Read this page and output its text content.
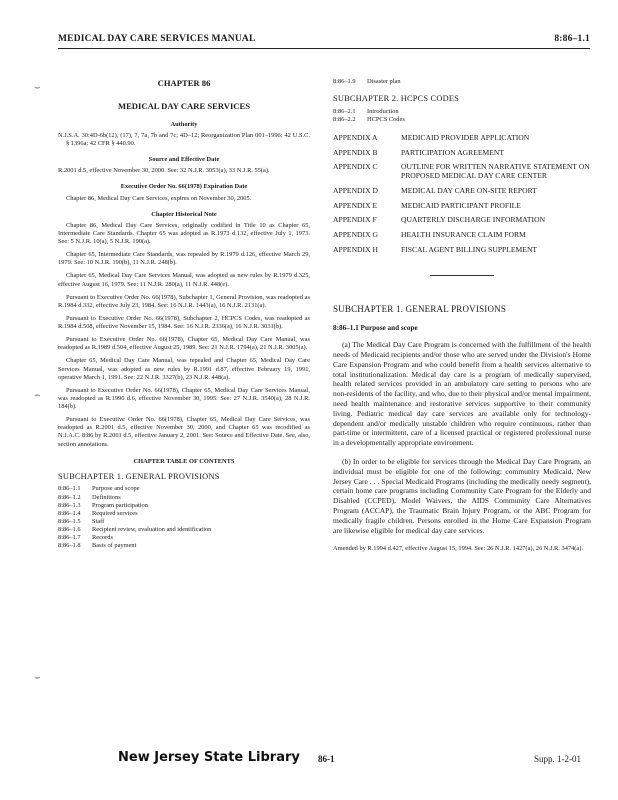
MEDICAL DAY CARE SERVICES MANUAL	8:86–1.1
⌣
⌢
⌣
CHAPTER 86
MEDICAL DAY CARE SERVICES
Authority

N.J.S.A. 30:4D-6b(12), (17), 7, 7a, 7b and 7c; 4D–12; Reorganization Plan 001–1996; 42 U.S.C. § 1396a; 42 CFR § 440.90.

Source and Effective Date

R.2001 d.5, effective November 30, 2000. See: 32 N.J.R. 3053(a), 33 N.J.R. 55(a).

Executive Order No. 66(1978) Expiration Date

Chapter 86, Medical Day Care Services, expires on November 30, 2005.

Chapter Historical Note

Chapter 86, Medical Day Care Services, originally codified in Title 10 as Chapter 65, Intermediate Care Standards. Chapter 65 was adopted as R.1973 d.132, effective July 1, 1973. See: 5 N.J.R. 10(a), 5 N.J.R. 190(a).

Chapter 65, Intermediate Care Standards, was repealed by R.1979 d.126, effective March 29, 1979. See: 10 N.J.R. 190(b), 11 N.J.R. 248(b).

Chapter 65, Medical Day Care Services Manual, was adopted as new rules by R.1979 d.325, effective August 16, 1979. See: 11 N.J.R. 280(a), 11 N.J.R. 448(e).

Pursuant to Executive Order No. 66(1978), Subchapter 1, General Provision, was readopted as R.1984 d.332, effective July 23, 1984. See: 16 N.J.R. 1443(a), 16 N.J.R. 2131(a).

Pursuant to Executive Order No. 66(1978), Subchapter 2, HCPCS Codes, was readopted as R.1984 d.508, effective November 15, 1984. See: 16 N.J.R. 2336(a), 16 N.J.R. 3031(b).

Pursuant to Executive Order No. 66(1978), Chapter 65, Medical Day Care Manual, was readopted as R.1989 d.504, effective August 25, 1989. See: 21 N.J.R. 1794(a), 21 N.J.R. 3005(a).

Chapter 65, Medical Day Care Manual, was repealed and Chapter 65, Medical Day Care Services Manual, was adopted as new rules by R.1991 d.87, effective February 19, 1991, operative March 1, 1991. See: 22 N.J.R. 3327(b), 23 N.J.R. 448(a).

Pursuant to Executive Order No. 66(1978), Chapter 65, Medical Day Care Services Manual, was readopted as R.1996 d.6, effective November 30, 1995. See: 27 N.J.R. 3540(a), 28 N.J.R. 184(b).

Pursuant to Executive Order No. 66(1978), Chapter 65, Medical Day Care Services, was readopted as R.2001 d.5, effective November 30, 2000, and Chapter 65 was recodified as N.J.A.C. 8:86 by R.2001 d.5, effective January 2, 2001. See: Source and Effective Date. See, also, section annotations.

CHAPTER TABLE OF CONTENTS
SUBCHAPTER 1. GENERAL PROVISIONS
8:86–1.1	Purpose and scope
8:86–1.2	Definitions
8:86–1.3	Program participation
8:86–1.4	Required services
8:86–1.5	Staff
8:86–1.6	Recipient review, evaluation and identification
8:86–1.7	Records
8:86–1.8	Basis of payment
8:86–1.9	Disaster plan
SUBCHAPTER 2. HCPCS CODES
8:86–2.1	Introduction
8:86–2.2	HCPCS Codes
APPENDIX A	MEDICAID PROVIDER APPLICATION
APPENDIX B	PARTICIPATION AGREEMENT
APPENDIX C	OUTLINE FOR WRITTEN NARRATIVE STATEMENT ON PROPOSED MEDICAL DAY CARE CENTER
APPENDIX D	MEDICAL DAY CARE ON-SITE REPORT
APPENDIX E	MEDICAID PARTICIPANT PROFILE
APPENDIX F	QUARTERLY DISCHARGE INFORMATION
APPENDIX G	HEALTH INSURANCE CLAIM FORM
APPENDIX H	FISCAL AGENT BILLING SUPPLEMENT
SUBCHAPTER 1. GENERAL PROVISIONS
8:86–1.1 Purpose and scope
(a) The Medical Day Care Program is concerned with the fulfillment of the health needs of Medicaid recipients and/or those who are served under the Division's Home Care Expansion Program and who could benefit from a health services alternative to total institutionalization. Medical day care is a program of medically supervised, health related services provided in an ambulatory care setting to persons who are non-residents of the facility, and who, due to their physical and/or mental impairment, need health maintenance and restorative services supportive to their community living. Pediatric medical day care services are available only for technology-dependent and/or medically unstable children who require continuous, rather than part-time or intermittent, care of a licensed practical or registered professional nurse in a developmentally appropriate environment.
(b) In order to be eligible for services through the Medical Day Care Program, an individual must be eligible for one of the following: community Medicaid, New Jersey Care . . . Special Medicaid Programs (including the medically needy segment), certain home care programs including Community Care Program for the Elderly and Disabled (CCPED), Model Waivers, the AIDS Community Care Alternatives Program (ACCAP), the Traumatic Brain Injury Program, or the ABC Program for medically fragile children. Persons enrolled in the Home Care Expansion Program are likewise eligible for medical day care services.
Amended by R.1994 d.427, effective August 15, 1994. See: 26 N.J.R. 1427(a), 26 N.J.R. 3474(a).
New Jersey State Library 86-1	Supp. 1-2-01
